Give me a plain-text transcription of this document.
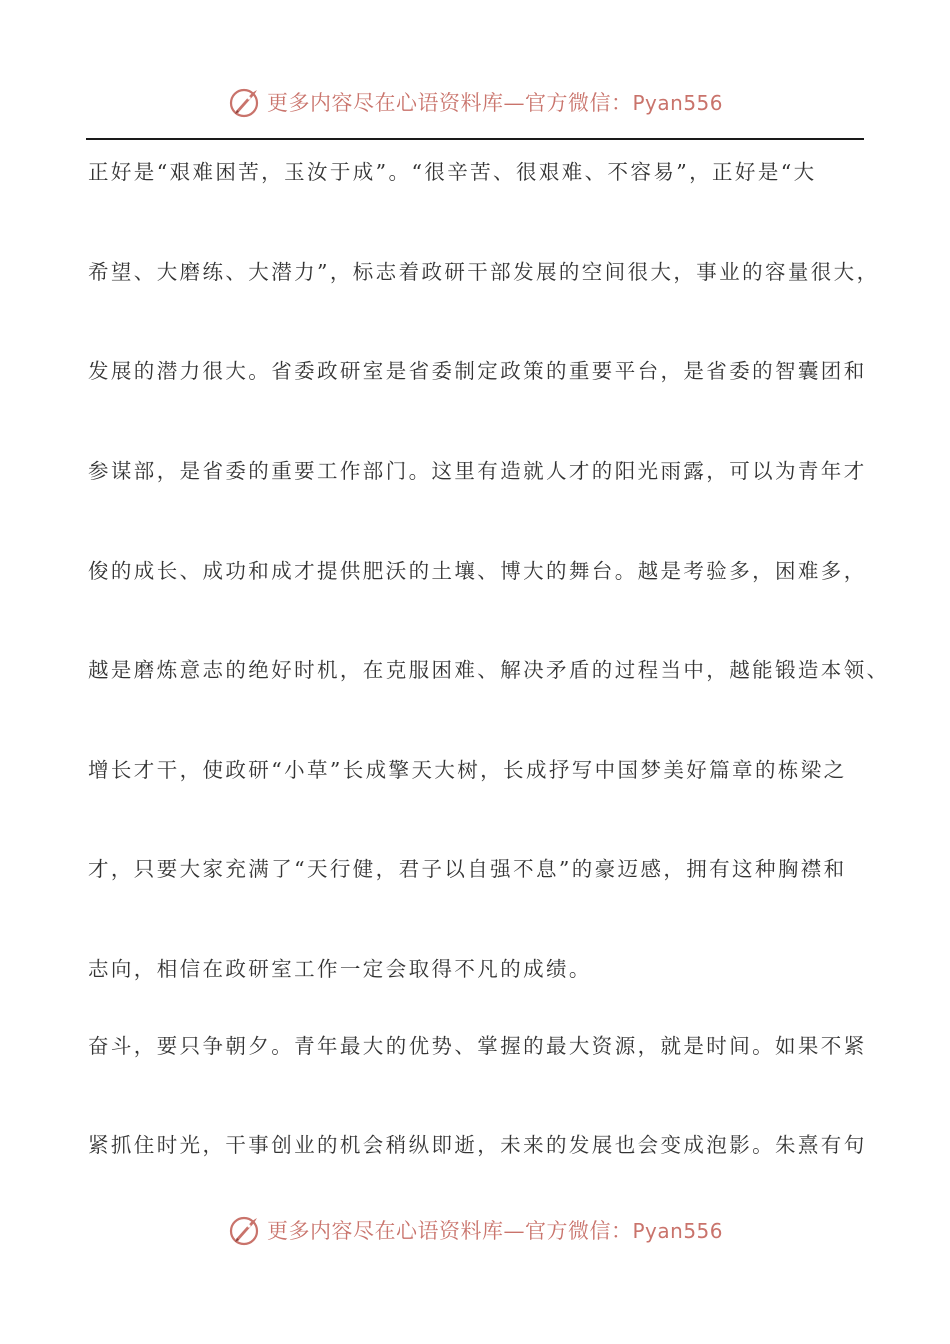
更多内容尽在心语资料库—官方微信：Pyan556
正好是“艰难困苦，玉汝于成”。“很辛苦、很艰难、不容易”，正好是“大
希望、大磨练、大潜力”，标志着政研干部发展的空间很大，事业的容量很大，
发展的潜力很大。省委政研室是省委制定政策的重要平台，是省委的智囊团和
参谋部，是省委的重要工作部门。这里有造就人才的阳光雨露，可以为青年才
俊的成长、成功和成才提供肥沃的土壤、博大的舞台。越是考验多，困难多，
越是磨炼意志的绝好时机，在克服困难、解决矛盾的过程当中，越能锻造本领、
增长才干，使政研“小草”长成擎天大树，长成抒写中国梦美好篇章的栋梁之
才，只要大家充满了“天行健，君子以自强不息”的豪迈感，拥有这种胸襟和
志向，相信在政研室工作一定会取得不凡的成绩。
奋斗，要只争朝夕。青年最大的优势、掌握的最大资源，就是时间。如果不紧
紧抓住时光，干事创业的机会稍纵即逝，未来的发展也会变成泡影。朱熹有句
更多内容尽在心语资料库—官方微信：Pyan556
